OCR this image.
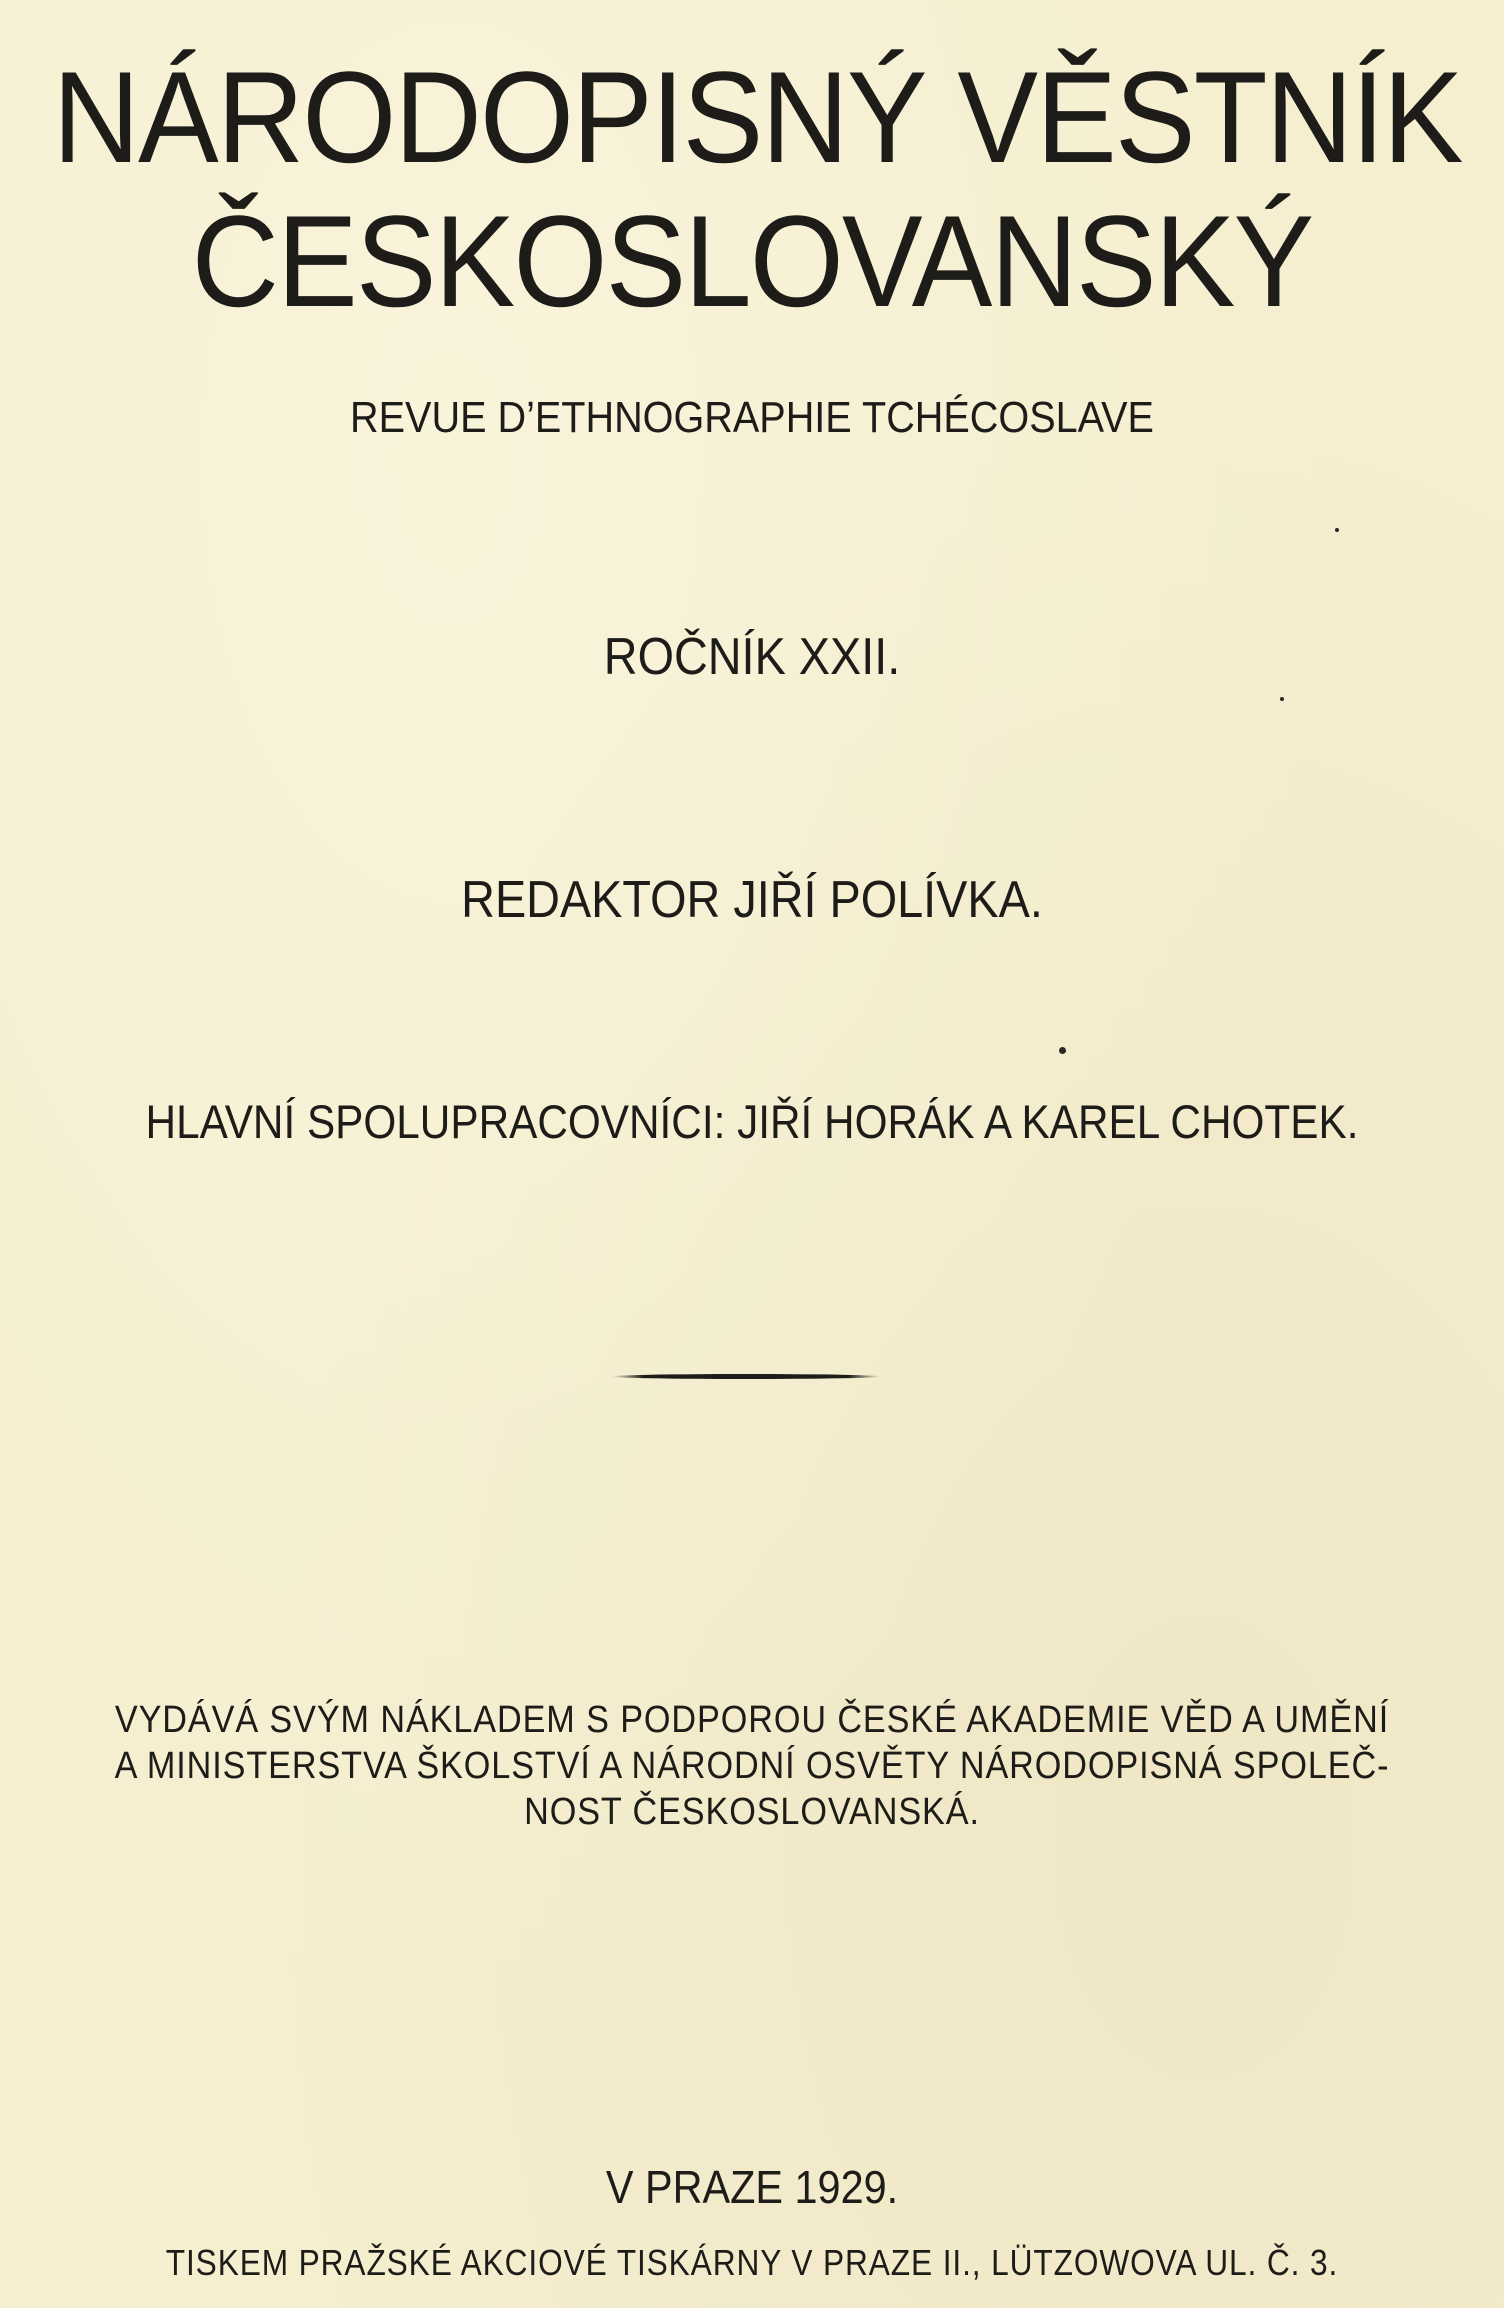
NÁRODOPISNÝ VĚSTNÍK
ČESKOSLOVANSKÝ
REVUE D’ETHNOGRAPHIE TCHÉCOSLAVE
ROČNÍK XXII.
REDAKTOR JIŘÍ POLÍVKA.
HLAVNÍ SPOLUPRACOVNÍCI: JIŘÍ HORÁK A KAREL CHOTEK.
VYDÁVÁ SVÝM NÁKLADEM S PODPOROU ČESKÉ AKADEMIE VĚD A UMĚNÍ
A MINISTERSTVA ŠKOLSTVÍ A NÁRODNÍ OSVĚTY NÁRODOPISNÁ SPOLEČ-
NOST ČESKOSLOVANSKÁ.
V PRAZE 1929.
TISKEM PRAŽSKÉ AKCIOVÉ TISKÁRNY V PRAZE II., LÜTZOWOVA UL. Č. 3.
